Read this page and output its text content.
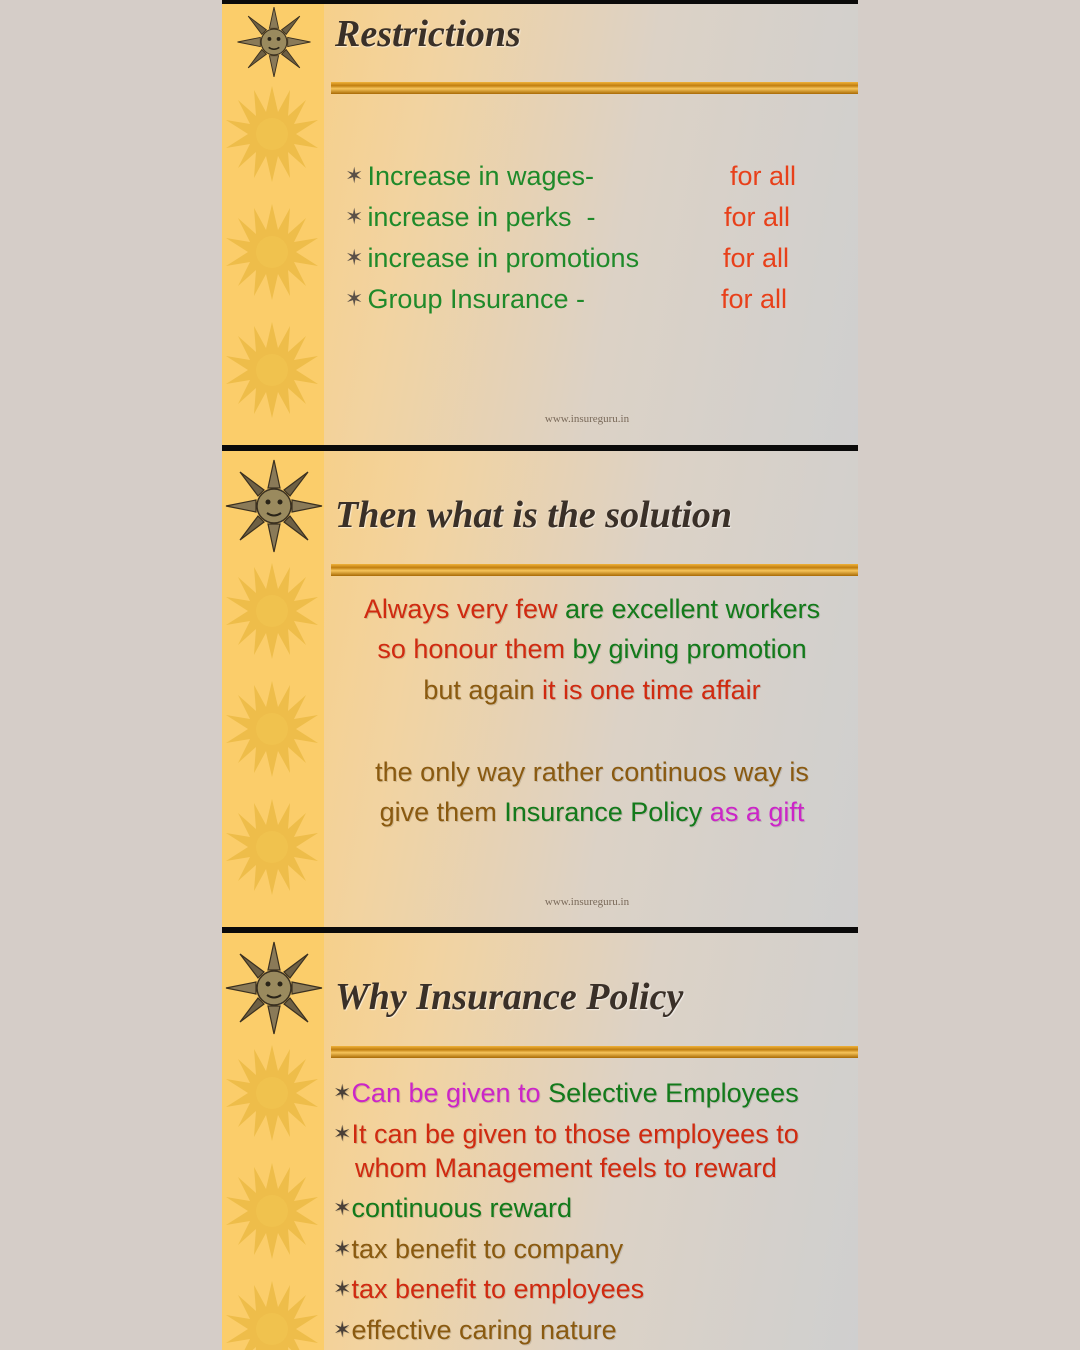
Restrictions
✶ Increase in wages-	for all
✶ increase in perks  -	for all
✶ increase in promotions	for all
✶ Group Insurance -	for all
www.insureguru.in
Then what is the solution
Always very few are excellent workers
so honour them by giving promotion
but again it is one time affair
the only way rather continuos way is
give them Insurance Policy as a gift
www.insureguru.in
Why Insurance Policy
✶Can be given to Selective Employees
✶It can be given to those employees to
whom Management feels to reward
✶continuous reward
✶tax benefit to company
✶tax benefit to employees
✶effective caring nature
